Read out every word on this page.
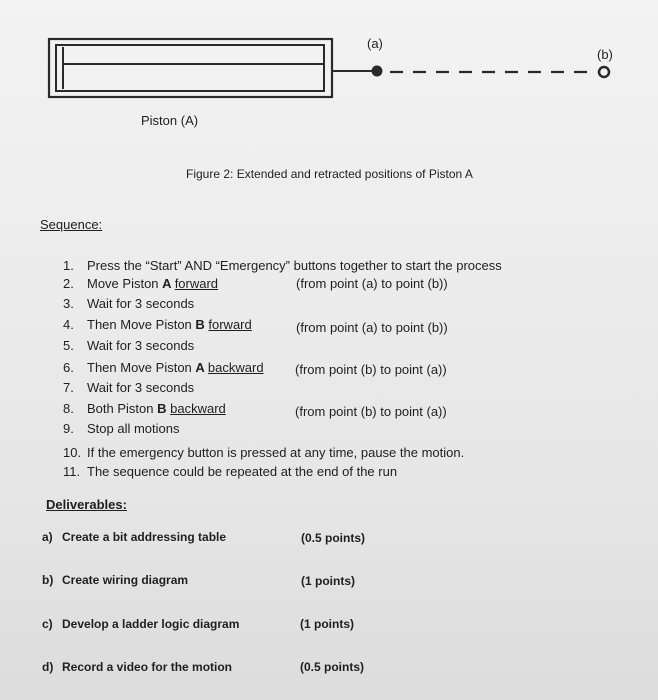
(a)
(b)
Piston (A)
Figure 2: Extended and retracted positions of Piston A
Sequence:
1. Press the “Start” AND “Emergency” buttons together to start the process
2. Move Piston A forward	(from point (a) to point (b))
3. Wait for 3 seconds
4. Then Move Piston B forward	(from point (a) to point (b))
5. Wait for 3 seconds
6. Then Move Piston A backward (from point (b) to point (a))
7. Wait for 3 seconds
8. Both Piston B backward	(from point (b) to point (a))
9. Stop all motions
10. If the emergency button is pressed at any time, pause the motion.
11. The sequence could be repeated at the end of the run
Deliverables:
a) Create a bit addressing table	(0.5 points)
b) Create wiring diagram	(1 points)
c) Develop a ladder logic diagram	(1 points)
d) Record a video for the motion	(0.5 points)
